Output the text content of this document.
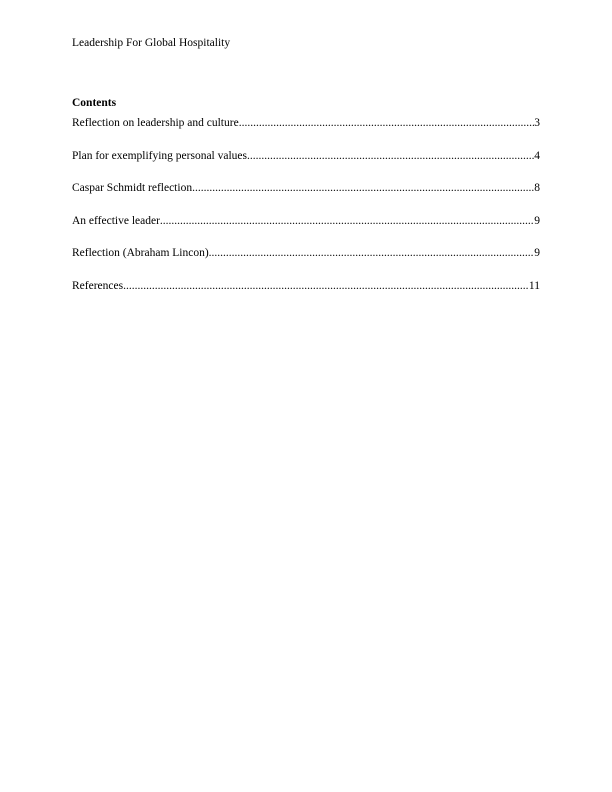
Leadership For Global Hospitality
Contents
Reflection on leadership and culture .....	3
Plan for exemplifying personal values .....	4
Caspar Schmidt reflection .....	8
An effective leader .....	9
Reflection (Abraham Lincon) .....	9
References .....	11
